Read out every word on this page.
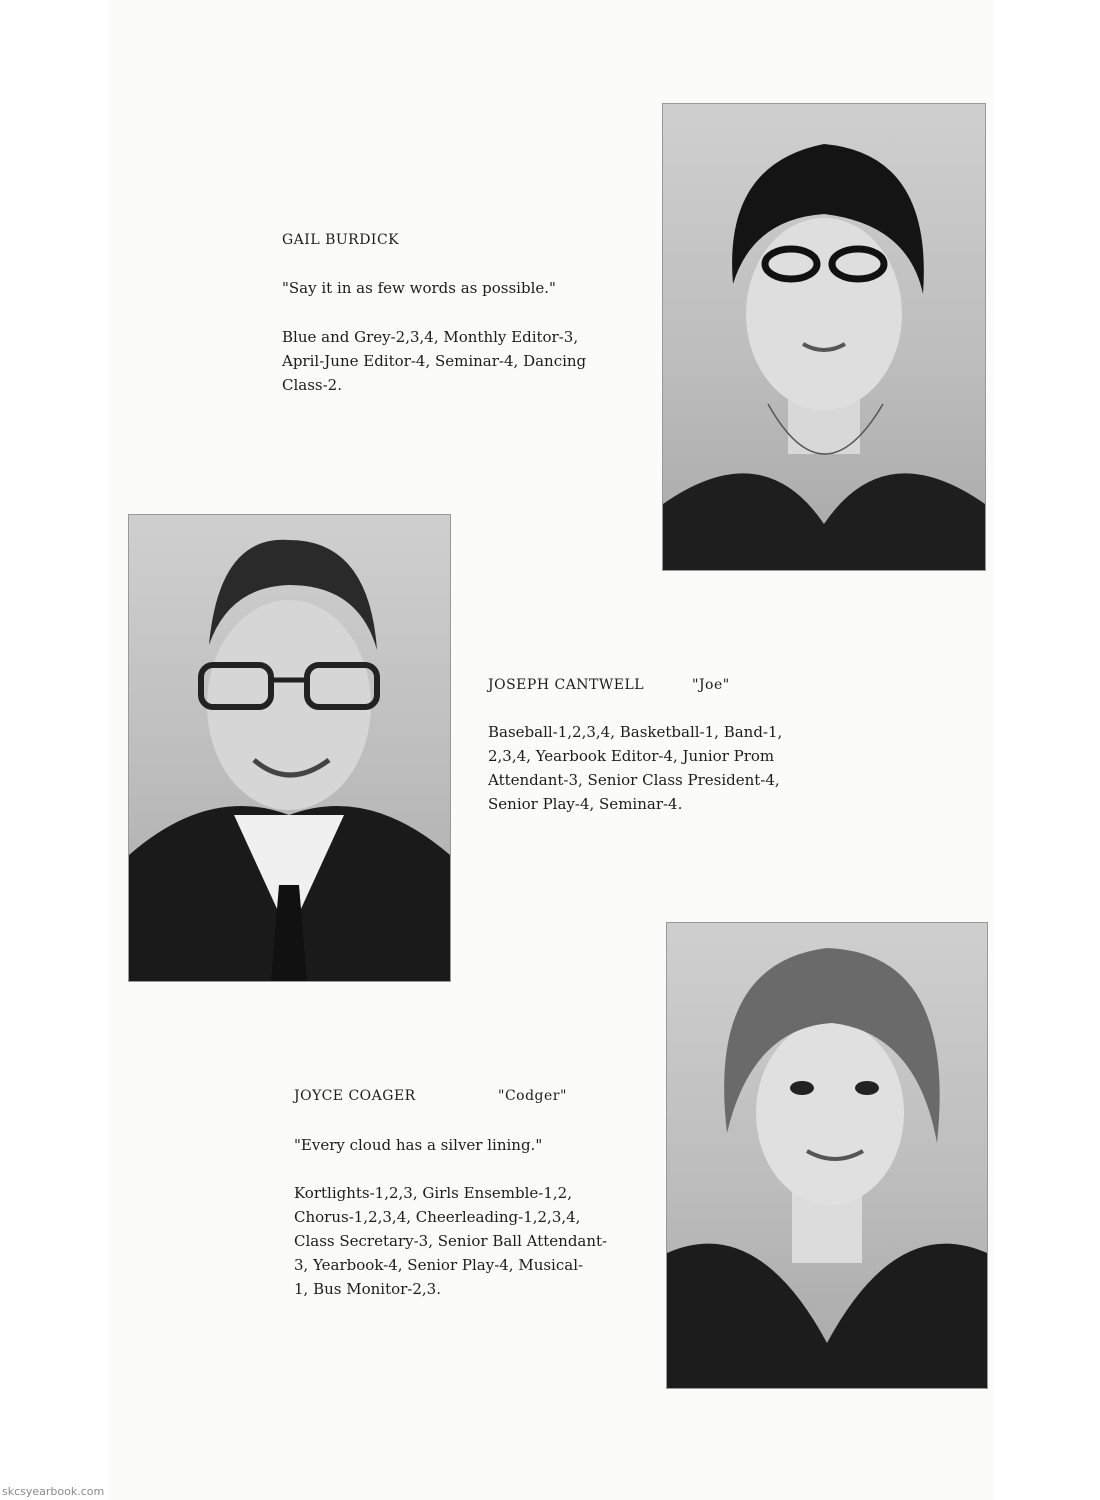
GAIL BURDICK
"Say it in as few words as possible."
Blue and Grey-2,3,4, Monthly Editor-3,
April-June Editor-4, Seminar-4, Dancing
Class-2.
JOSEPH CANTWELL	"Joe"
Baseball-1,2,3,4, Basketball-1, Band-1,
2,3,4, Yearbook Editor-4, Junior Prom
Attendant-3, Senior Class President-4,
Senior Play-4, Seminar-4.
JOYCE COAGER	"Codger"
"Every cloud has a silver lining."
Kortlights-1,2,3, Girls Ensemble-1,2,
Chorus-1,2,3,4, Cheerleading-1,2,3,4,
Class Secretary-3, Senior Ball Attendant-
3, Yearbook-4, Senior Play-4, Musical-
1, Bus Monitor-2,3.
skcsyearbook.com
